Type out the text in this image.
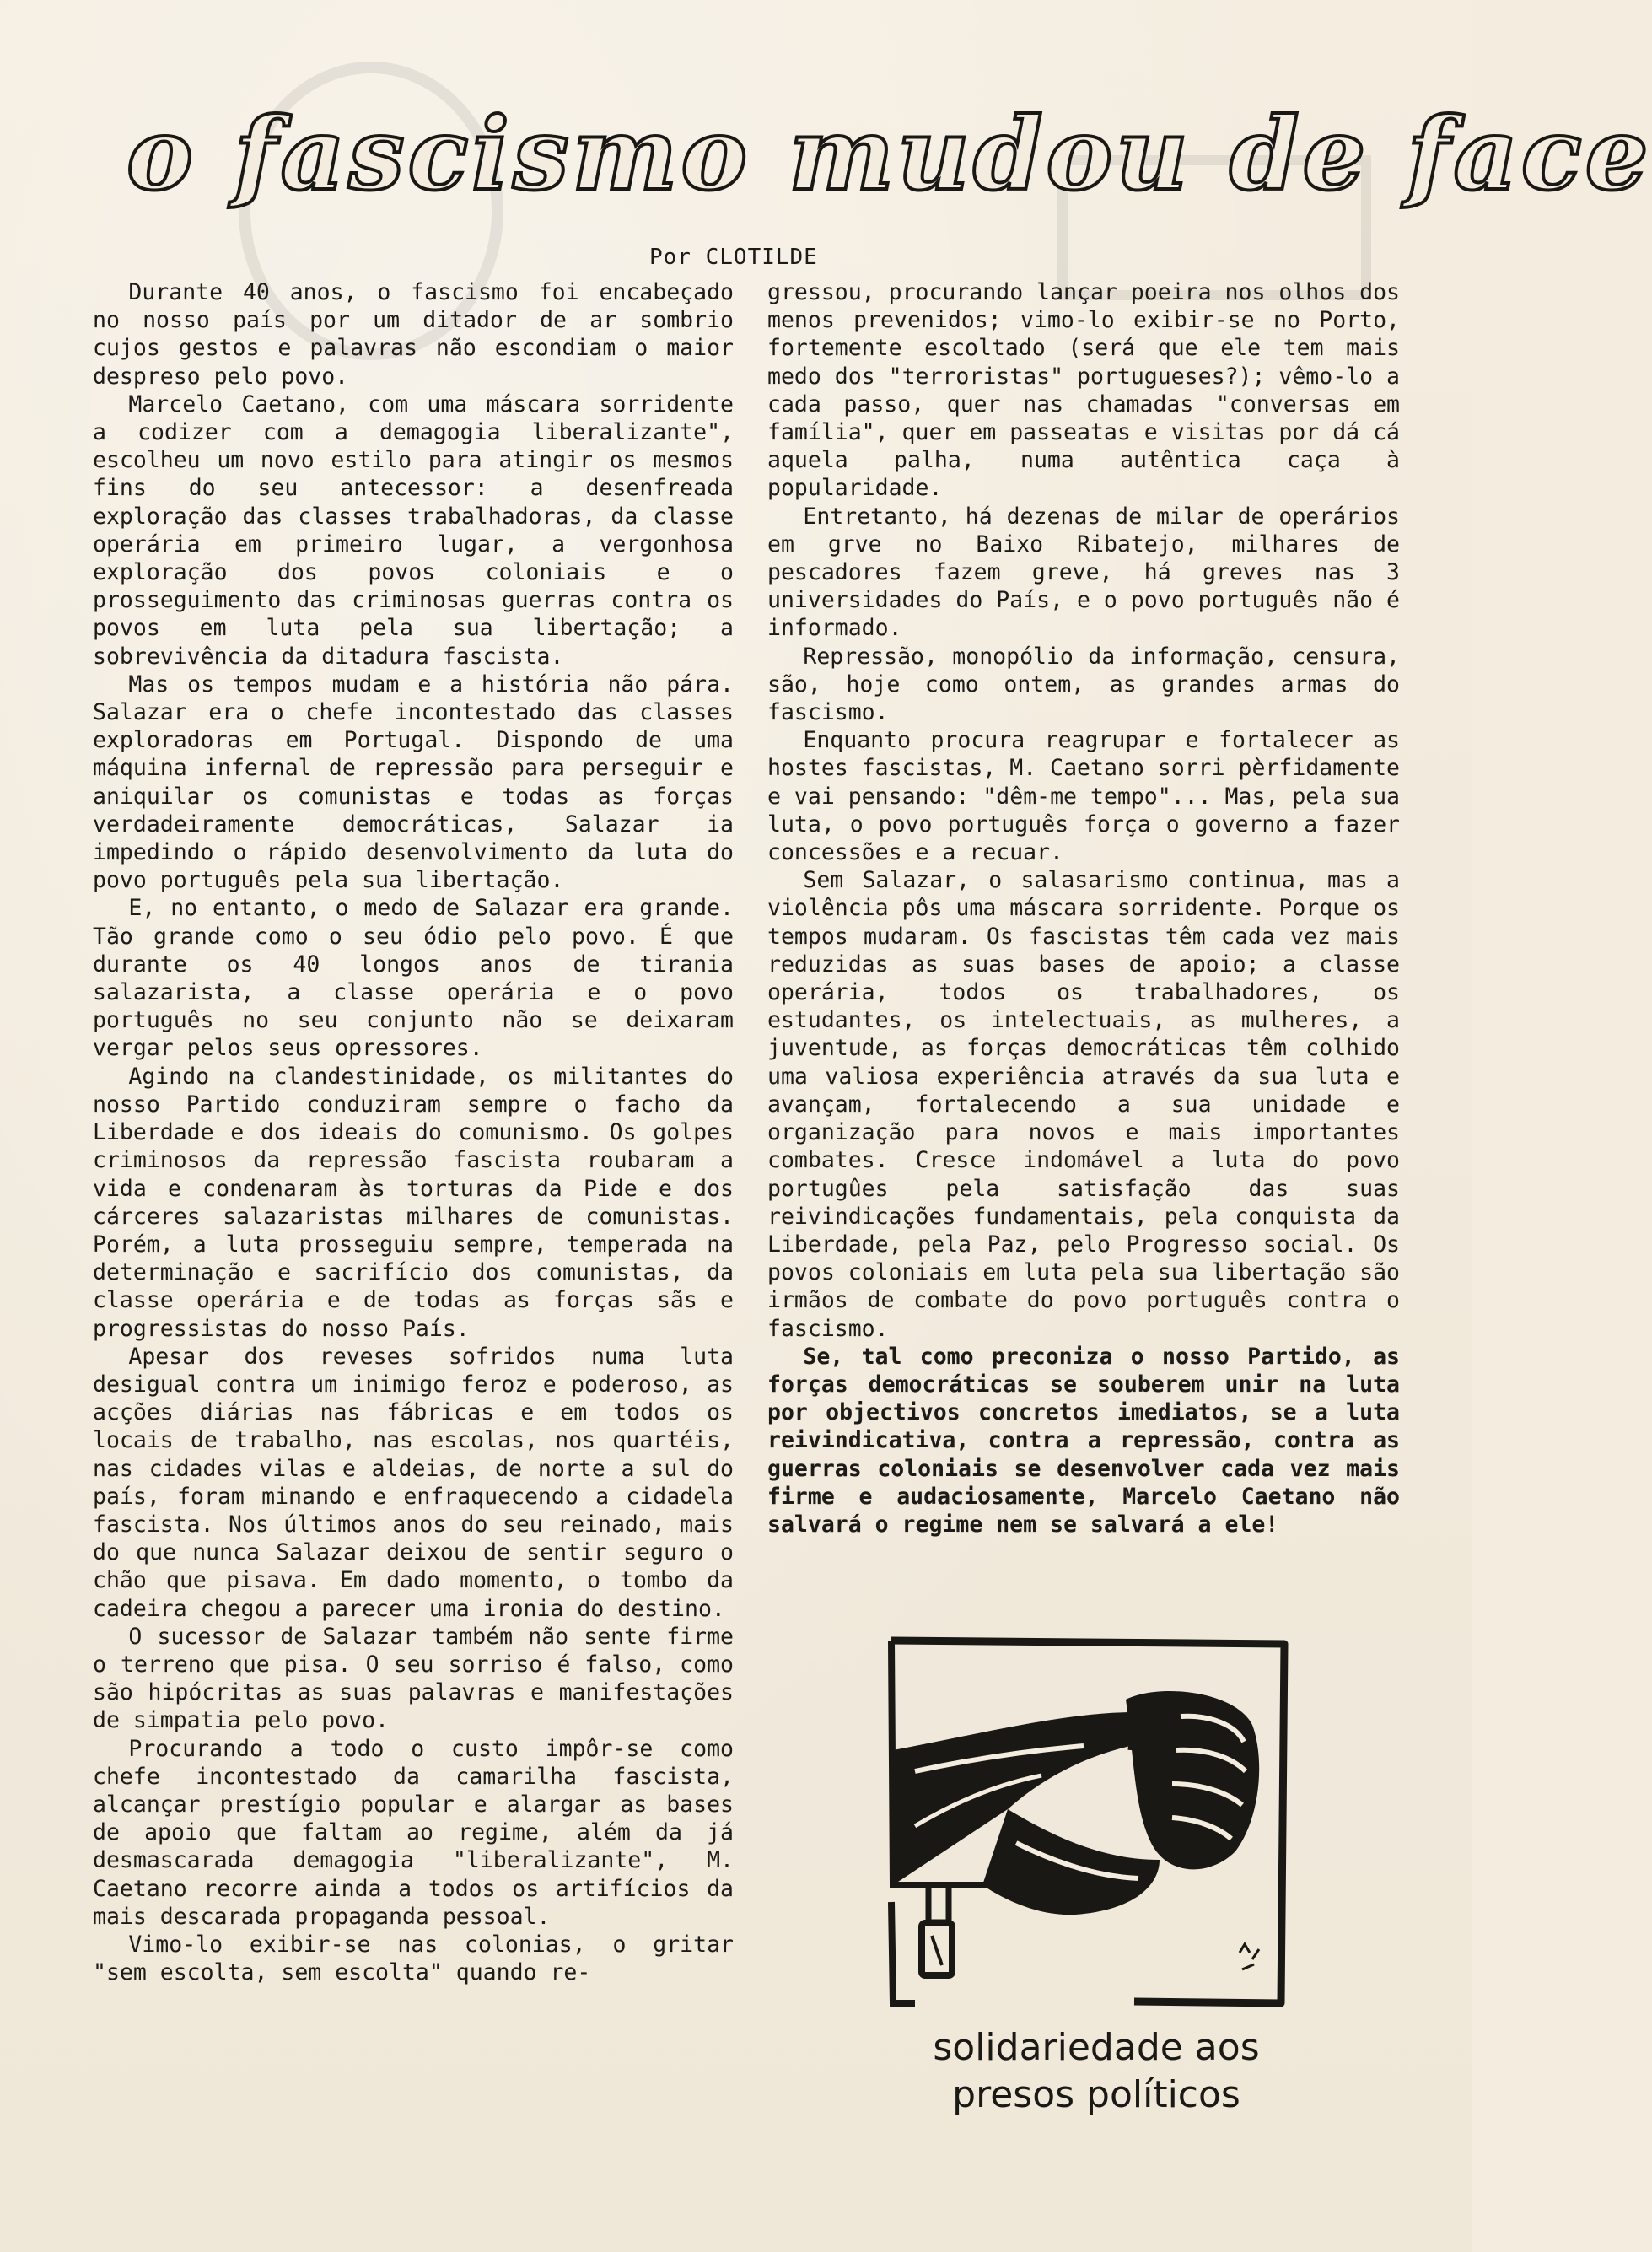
o fascismo mudou de face
Por CLOTILDE

Durante 40 anos, o fascismo foi encabeçado no nosso país por um ditador de ar sombrio cujos gestos e palavras não escondiam o maior despreso pelo povo.

Marcelo Caetano, com uma máscara sorridente a codizer com a demagogia liberalizante", escolheu um novo estilo para atingir os mesmos fins do seu antecessor: a desenfreada exploração das classes trabalhadoras, da classe operária em primeiro lugar, a vergonhosa exploração dos povos coloniais e o prosseguimento das criminosas guerras contra os povos em luta pela sua libertação; a sobrevivência da ditadura fascista.

Mas os tempos mudam e a história não pára. Salazar era o chefe incontestado das classes exploradoras em Portugal. Dispondo de uma máquina infernal de repressão para perseguir e aniquilar os comunistas e todas as forças verdadeiramente democráticas, Salazar ia impedindo o rápido desenvolvimento da luta do povo português pela sua libertação.

E, no entanto, o medo de Salazar era grande. Tão grande como o seu ódio pelo povo. É que durante os 40 longos anos de tirania salazarista, a classe operária e o povo português no seu conjunto não se deixaram vergar pelos seus opressores.

Agindo na clandestinidade, os militantes do nosso Partido conduziram sempre o facho da Liberdade e dos ideais do comunismo. Os golpes criminosos da repressão fascista roubaram a vida e condenaram às torturas da Pide e dos cárceres salazaristas milhares de comunistas. Porém, a luta prosseguiu sempre, temperada na determinação e sacrifício dos comunistas, da classe operária e de todas as forças sãs e progressistas do nosso País.

Apesar dos reveses sofridos numa luta desigual contra um inimigo feroz e poderoso, as acções diárias nas fábricas e em todos os locais de trabalho, nas escolas, nos quartéis, nas cidades vilas e aldeias, de norte a sul do país, foram minando e enfraquecendo a cidadela fascista. Nos últimos anos do seu reinado, mais do que nunca Salazar deixou de sentir seguro o chão que pisava. Em dado momento, o tombo da cadeira chegou a parecer uma ironia do destino.

O sucessor de Salazar também não sente firme o terreno que pisa. O seu sorriso é falso, como são hipócritas as suas palavras e manifestações de simpatia pelo povo.

Procurando a todo o custo impôr-se como chefe incontestado da camarilha fascista, alcançar prestígio popular e alargar as bases de apoio que faltam ao regime, além da já desmascarada demagogia "liberalizante", M. Caetano recorre ainda a todos os artifícios da mais descarada propaganda pessoal.

Vimo-lo exibir-se nas colonias, o gritar "sem escolta, sem escolta" quando re-

gressou, procurando lançar poeira nos olhos dos menos prevenidos; vimo-lo exibir-se no Porto, fortemente escoltado (será que ele tem mais medo dos "terroristas" portugueses?); vêmo-lo a cada passo, quer nas chamadas "conversas em família", quer em passeatas e visitas por dá cá aquela palha, numa autêntica caça à popularidade.

Entretanto, há dezenas de milar de operários em grve no Baixo Ribatejo, milhares de pescadores fazem greve, há greves nas 3 universidades do País, e o povo português não é informado.

Repressão, monopólio da informação, censura, são, hoje como ontem, as grandes armas do fascismo.

Enquanto procura reagrupar e fortalecer as hostes fascistas, M. Caetano sorri pèrfidamente e vai pensando: "dêm-me tempo"... Mas, pela sua luta, o povo português força o governo a fazer concessões e a recuar.

Sem Salazar, o salasarismo continua, mas a violência pôs uma máscara sorridente. Porque os tempos mudaram. Os fascistas têm cada vez mais reduzidas as suas bases de apoio; a classe operária, todos os trabalhadores, os estudantes, os intelectuais, as mulheres, a juventude, as forças democráticas têm colhido uma valiosa experiência através da sua luta e avançam, fortalecendo a sua unidade e organização para novos e mais importantes combates. Cresce indomável a luta do povo portugûes pela satisfação das suas reivindicações fundamentais, pela conquista da Liberdade, pela Paz, pelo Progresso social. Os povos coloniais em luta pela sua libertação são irmãos de combate do povo português contra o fascismo.

Se, tal como preconiza o nosso Partido, as forças democráticas se souberem unir na luta por objectivos concretos imediatos, se a luta reivindicativa, contra a repressão, contra as guerras coloniais se desenvolver cada vez mais firme e audaciosamente, Marcelo Caetano não salvará o regime nem se salvará a ele!

solidariedade aos
presos políticos
